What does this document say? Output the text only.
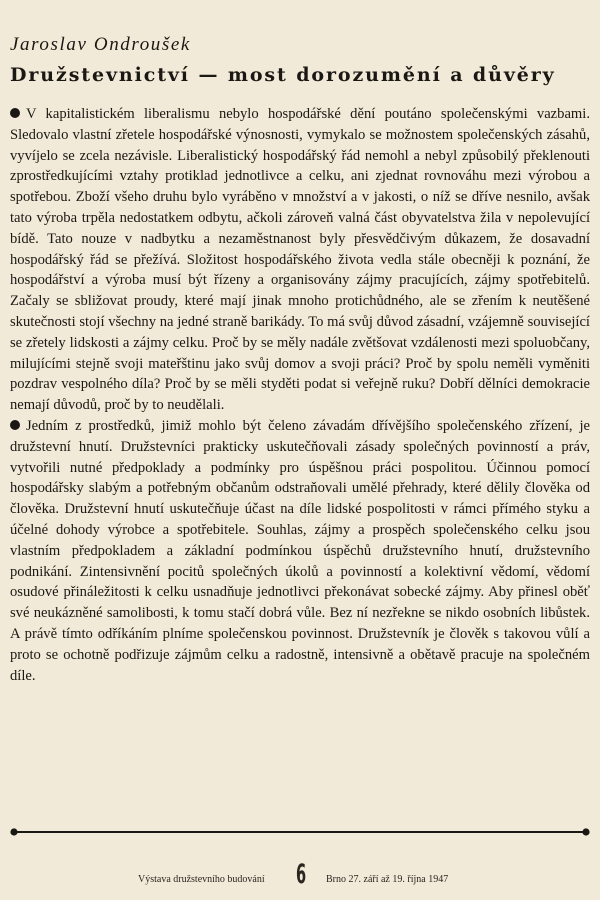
Jaroslav Ondroušek
Družstevnictví — most dorozumění a důvěry

V kapitalistickém liberalismu nebylo hospodářské dění poutáno společenskými vazbami. Sledovalo vlastní zřetele hospodářské výnosnosti, vymykalo se možnostem společenských zásahů, vyvíjelo se zcela nezávisle. Liberalistický hospodářský řád nemohl a nebyl způsobilý překlenouti zprostředkujícími vztahy protiklad jednotlivce a celku, ani zjednat rovnováhu mezi výrobou a spotřebou. Zboží všeho druhu bylo vyráběno v množství a v jakosti, o níž se dříve nesnilo, avšak tato výroba trpěla nedostatkem odbytu, ačkoli zároveň valná část obyvatelstva žila v nepolevující bídě. Tato nouze v nadbytku a nezaměstnanost byly přesvědčivým důkazem, že dosavadní hospodářský řád se přežívá. Složitost hospodářského života vedla stále obecněji k poznání, že hospodářství a výroba musí být řízeny a organisovány zájmy pracujících, zájmy spotřebitelů. Začaly se sbližovat proudy, které mají jinak mnoho protichůdného, ale se zřením k neutěšené skutečnosti stojí všechny na jedné straně barikády. To má svůj důvod zásadní, vzájemně související se zřetely lidskosti a zájmy celku. Proč by se měly nadále zvětšovat vzdálenosti mezi spoluobčany, milujícími stejně svoji mateřštinu jako svůj domov a svoji práci? Proč by spolu neměli vyměniti pozdrav vespolného díla? Proč by se měli styděti podat si veřejně ruku? Dobří dělníci demokracie nemají důvodů, proč by to neudělali.

Jedním z prostředků, jimiž mohlo být čeleno závadám dřívějšího společenského zřízení, je družstevní hnutí. Družstevníci prakticky uskutečňovali zásady společných povinností a práv, vytvořili nutné předpoklady a podmínky pro úspěšnou práci pospolitou. Účinnou pomocí hospodářsky slabým a potřebným občanům odstraňovali umělé přehrady, které dělily člověka od člověka. Družstevní hnutí uskutečňuje účast na díle lidské pospolitosti v rámci přímého styku a účelné dohody výrobce a spotřebitele. Souhlas, zájmy a prospěch společenského celku jsou vlastním předpokladem a základní podmínkou úspěchů družstevního hnutí, družstevního podnikání. Zintensivnění pocitů společných úkolů a povinností a kolektivní vědomí, vědomí osudové přináležitosti k celku usnadňuje jednotlivci překonávat sobecké zájmy. Aby přinesl oběť své neukázněné samolibosti, k tomu stačí dobrá vůle. Bez ní nezřekne se nikdo osobních libůstek. A právě tímto odříkáním plníme společenskou povinnost. Družstevník je člověk s takovou vůlí a proto se ochotně podřizuje zájmům celku a radostně, intensivně a obětavě pracuje na společném díle.

Výstava družstevního budování 6 Brno 27. září až 19. října 1947
